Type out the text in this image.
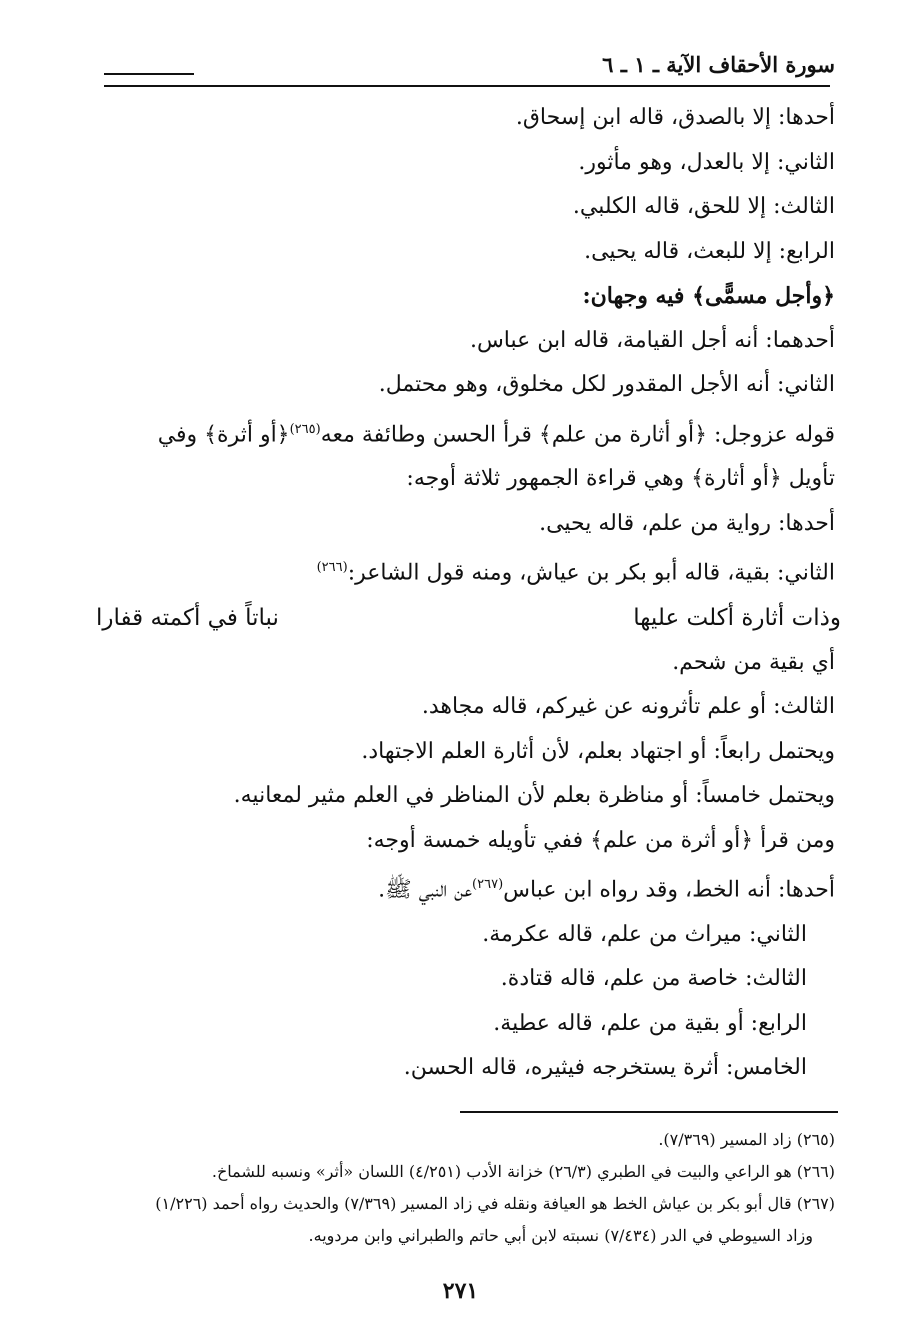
سورة الأحقاف الآية ـ ١ ـ ٦
أحدها: إلا بالصدق، قاله ابن إسحاق.
الثاني: إلا بالعدل، وهو مأثور.
الثالث: إلا للحق، قاله الكلبي.
الرابع: إلا للبعث، قاله يحيى.
﴿وأجل مسمًّى﴾ فيه وجهان:
أحدهما: أنه أجل القيامة، قاله ابن عباس.
الثاني: أنه الأجل المقدور لكل مخلوق، وهو محتمل.
قوله عزوجل: ﴿أو أثارة من علم﴾ قرأ الحسن وطائفة معه$^{(٢٦٥)}$﴿أو أثرة﴾ وفي
تأويل ﴿أو أثارة﴾ وهي قراءة الجمهور ثلاثة أوجه:
أحدها: رواية من علم، قاله يحيى.
الثاني: بقية، قاله أبو بكر بن عياش، ومنه قول الشاعر:$^{(٢٦٦)}$
وذات أثارة أكلت عليها
نباتاً في أكمته قفارا
أي بقية من شحم.
الثالث: أو علم تأثرونه عن غيركم، قاله مجاهد.
ويحتمل رابعاً: أو اجتهاد بعلم، لأن أثارة العلم الاجتهاد.
ويحتمل خامساً: أو مناظرة بعلم لأن المناظر في العلم مثير لمعانيه.
ومن قرأ ﴿أو أثرة من علم﴾ ففي تأويله خمسة أوجه:
أحدها: أنه الخط، وقد رواه ابن عباس$^{(٢٦٧)}$عن النبي ﷺ.
الثاني: ميراث من علم، قاله عكرمة.
الثالث: خاصة من علم، قاله قتادة.
الرابع: أو بقية من علم، قاله عطية.
الخامس: أثرة يستخرجه فيثيره، قاله الحسن.
(٢٦٥) زاد المسير (٧/٣٦٩).
(٢٦٦) هو الراعي والبيت في الطبري (٢٦/٣) خزانة الأدب (٤/٢٥١) اللسان «أثر» ونسبه للشماخ.
(٢٦٧) قال أبو بكر بن عياش الخط هو العيافة ونقله في زاد المسير (٧/٣٦٩) والحديث رواه أحمد (١/٢٢٦)
وزاد السيوطي في الدر (٧/٤٣٤) نسبته لابن أبي حاتم والطبراني وابن مردويه.
٢٧١
